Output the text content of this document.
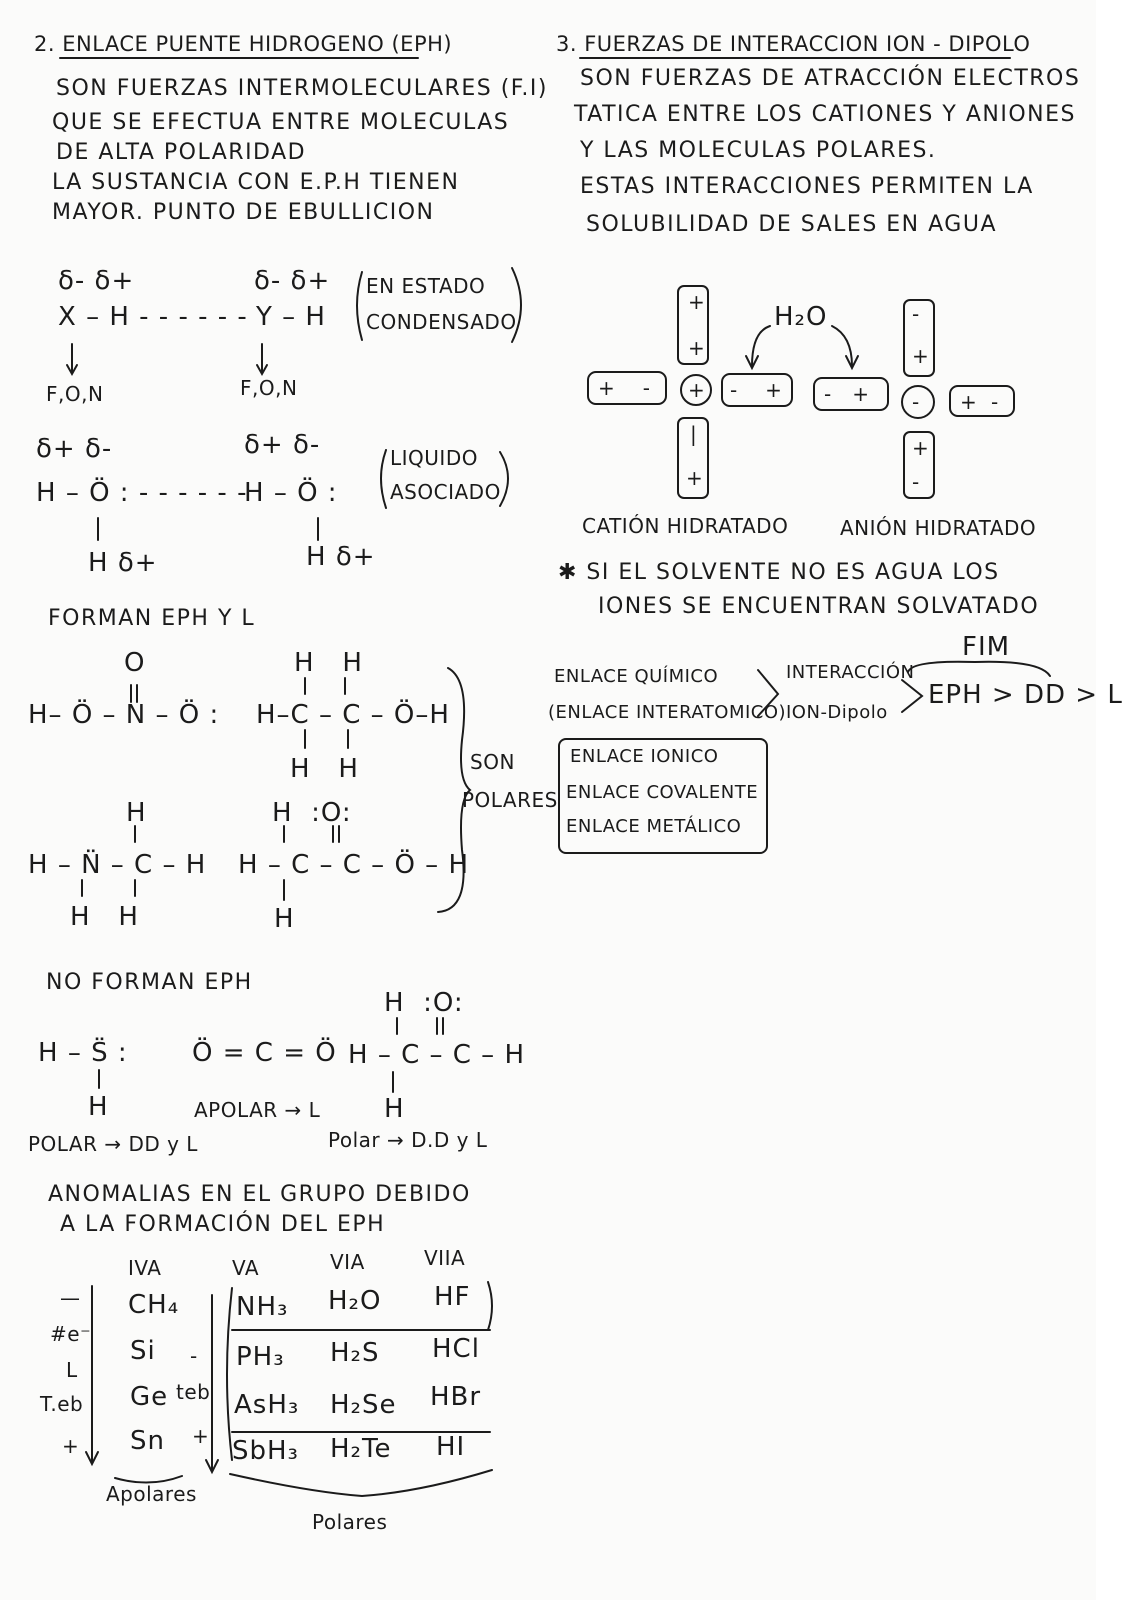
2. ENLACE PUENTE HIDROGENO (EPH)
SON FUERZAS INTERMOLECULARES (F.I)
QUE SE EFECTUA ENTRE MOLECULAS
DE ALTA POLARIDAD
LA SUSTANCIA CON E.P.H TIENEN
MAYOR. PUNTO DE EBULLICION
δ- δ+
X – H - - - - - -
δ- δ+
Y – H
EN ESTADO
CONDENSADO
F,O,N	F,O,N
δ+ δ-
H – Ö : - - - - - -
δ+ δ-
H – Ö :
H δ+	H δ+
LIQUIDO
ASOCIADO
FORMAN EPH Y L
O
H– Ö – N – Ö :
H   H
H–C – C – Ö–H
H   H
H
H – N̈ – C – H
H   H
H  :O:
H – C – C – Ö – H
H
SON
POLARES
NO FORMAN EPH
H – S̈ :
H
Ö = C = Ö
H  :O:
H – C – C – H
H
POLAR → DD y L
APOLAR → L
Polar → D.D y L
ANOMALIAS EN EL GRUPO DEBIDO
A LA FORMACIÓN DEL EPH
IVA	VA	VIA	VIIA
—
#e⁻
L
T.eb
+
-
teb
+
CH₄ NH₃ H₂O HF
Si	PH₃ H₂S HCl
Ge	AsH₃ H₂Se HBr
Sn	SbH₃ H₂Te HI
Apolares
Polares
3. FUERZAS DE INTERACCION ION - DIPOLO
SON FUERZAS DE ATRACCIÓN ELECTROS
TATICA ENTRE LOS CATIONES Y ANIONES
Y LAS MOLECULAS POLARES.
ESTAS INTERACCIONES PERMITEN LA
SOLUBILIDAD DE SALES EN AGUA
+
+
|
+
+    - + -    +
H₂O
-   +
-
+
-
+
-
+  -
CATIÓN HIDRATADO	ANIÓN HIDRATADO
✱ SI EL SOLVENTE NO ES AGUA LOS
IONES SE ENCUENTRAN SOLVATADO
FIM
ENLACE QUÍMICO
(ENLACE INTERATOMICO)
INTERACCIÓN
ION-Dipolo
EPH > DD > L
ENLACE IONICO
ENLACE COVALENTE
ENLACE METÁLICO
